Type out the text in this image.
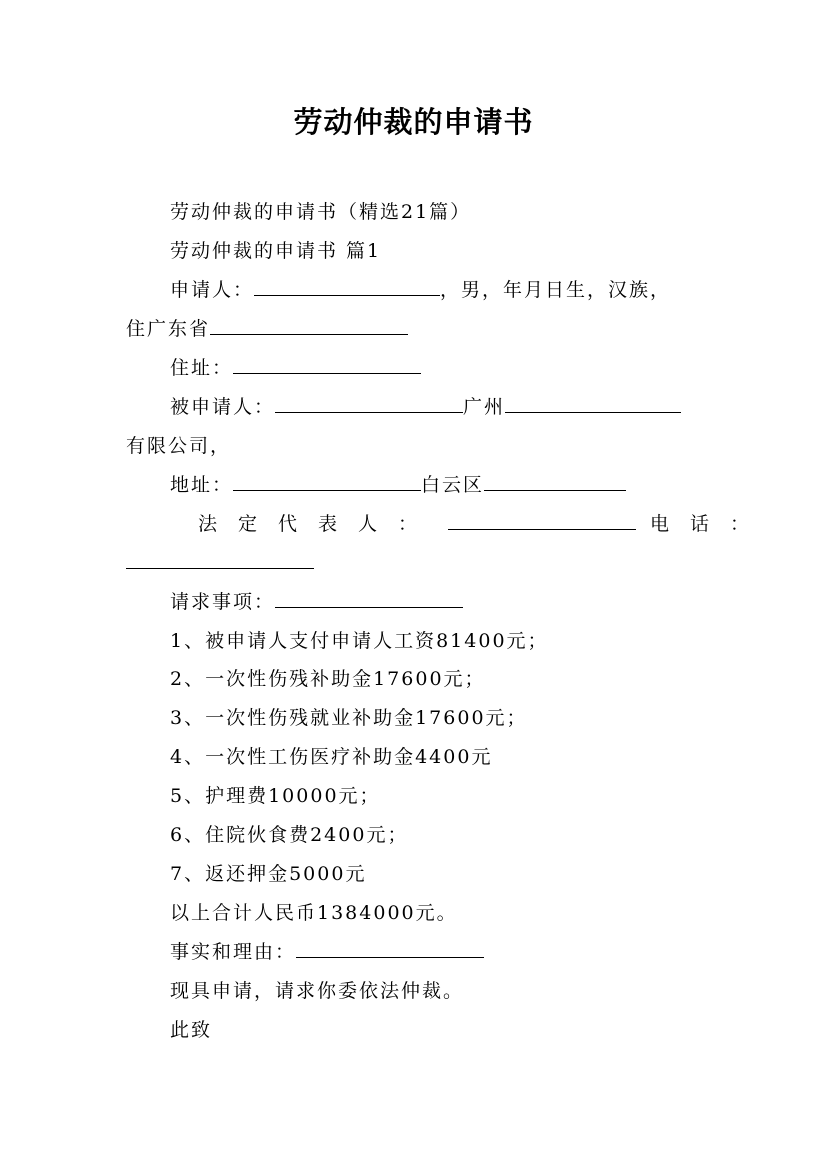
劳动仲裁的申请书
劳动仲裁的申请书（精选21篇）
劳动仲裁的申请书 篇1
申请人：	，男，年月日生，汉族，
住广东省
住址：
被申请人：	广州
有限公司，
地址：	白云区
法定代表人：	电话：
请求事项：
1、被申请人支付申请人工资81400元；
2、一次性伤残补助金17600元；
3、一次性伤残就业补助金17600元；
4、一次性工伤医疗补助金4400元
5、护理费10000元；
6、住院伙食费2400元；
7、返还押金5000元
以上合计人民币1384000元。
事实和理由：
现具申请，请求你委依法仲裁。
此致
